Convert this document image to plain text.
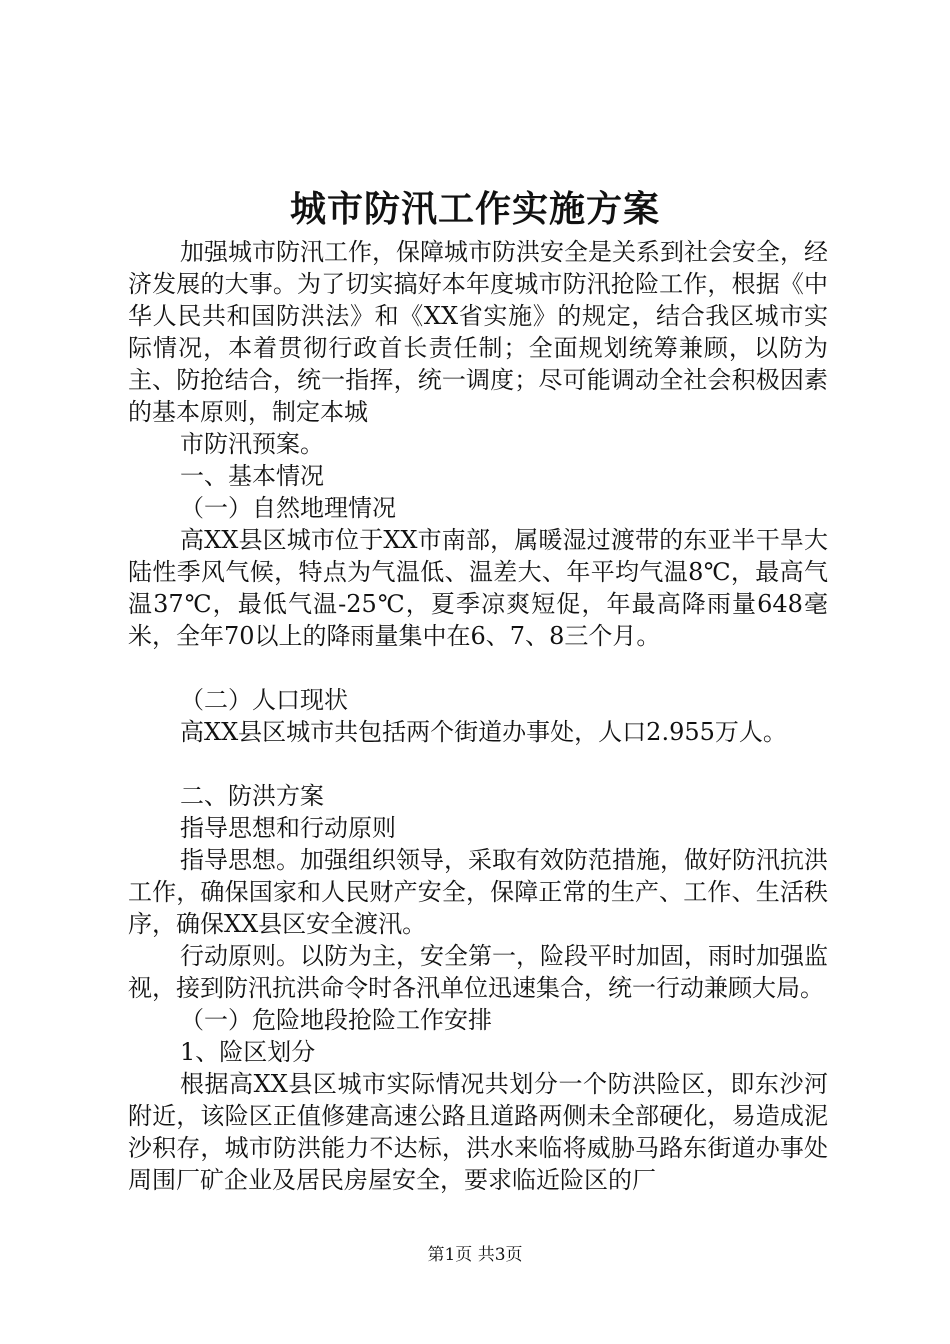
城市防汛工作实施方案

加强城市防汛工作，保障城市防洪安全是关系到社会安全，经济发展的大事。为了切实搞好本年度城市防汛抢险工作，根据《中华人民共和国防洪法》和《XX省实施》的规定，结合我区城市实际情况，本着贯彻行政首长责任制；全面规划统筹兼顾，以防为主、防抢结合，统一指挥，统一调度；尽可能调动全社会积极因素的基本原则，制定本城

市防汛预案。

一、基本情况

（一）自然地理情况

高XX县区城市位于XX市南部，属暖湿过渡带的东亚半干旱大陆性季风气候，特点为气温低、温差大、年平均气温8℃，最高气温37℃，最低气温-25℃，夏季凉爽短促，年最高降雨量648毫米，全年70以上的降雨量集中在6、7、8三个月。

（二）人口现状

高XX县区城市共包括两个街道办事处，人口2.955万人。

二、防洪方案

指导思想和行动原则

指导思想。加强组织领导，采取有效防范措施，做好防汛抗洪工作，确保国家和人民财产安全，保障正常的生产、工作、生活秩序，确保XX县区安全渡汛。

行动原则。以防为主，安全第一，险段平时加固，雨时加强监视，接到防汛抗洪命令时各汛单位迅速集合，统一行动兼顾大局。

（一）危险地段抢险工作安排

1、险区划分

根据高XX县区城市实际情况共划分一个防洪险区，即东沙河附近，该险区正值修建高速公路且道路两侧未全部硬化，易造成泥沙积存，城市防洪能力不达标，洪水来临将威胁马路东街道办事处周围厂矿企业及居民房屋安全，要求临近险区的厂

第1页 共3页
